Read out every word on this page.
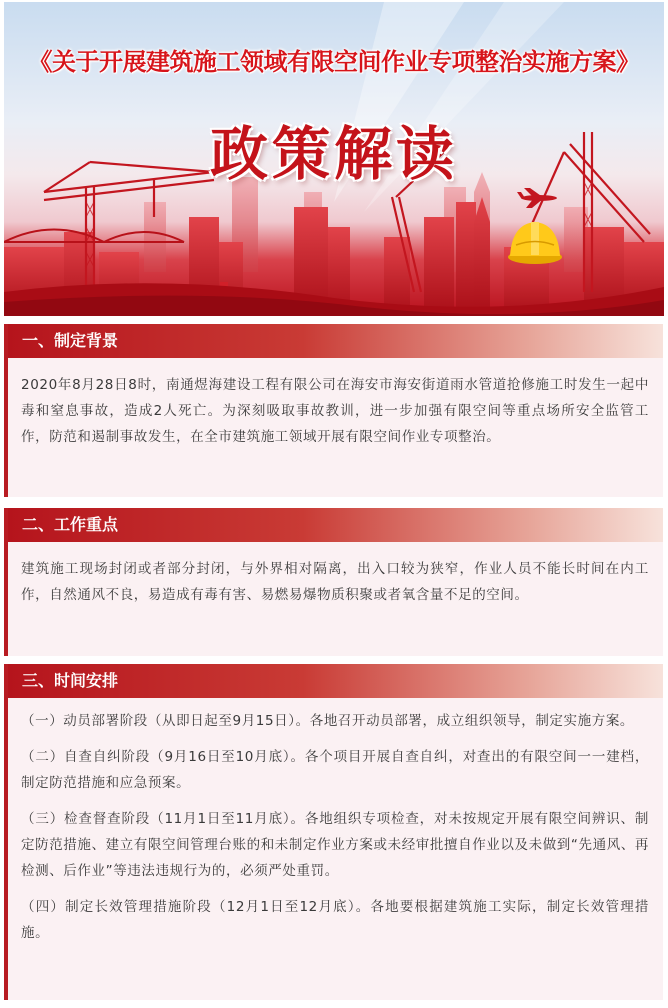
《关于开展建筑施工领域有限空间作业专项整治实施方案》
政策解读
一、制定背景

2020年8月28日8时，南通煜海建设工程有限公司在海安市海安街道雨水管道抢修施工时发生一起中毒和窒息事故，造成2人死亡。为深刻吸取事故教训，进一步加强有限空间等重点场所安全监管工作，防范和遏制事故发生，在全市建筑施工领域开展有限空间作业专项整治。

二、工作重点

建筑施工现场封闭或者部分封闭，与外界相对隔离，出入口较为狭窄，作业人员不能长时间在内工作，自然通风不良，易造成有毒有害、易燃易爆物质积聚或者氧含量不足的空间。

三、时间安排

（一）动员部署阶段（从即日起至9月15日）。各地召开动员部署，成立组织领导，制定实施方案。

（二）自查自纠阶段（9月16日至10月底）。各个项目开展自查自纠，对查出的有限空间一一建档，制定防范措施和应急预案。

（三）检查督查阶段（11月1日至11月底）。各地组织专项检查，对未按规定开展有限空间辨识、制定防范措施、建立有限空间管理台账的和未制定作业方案或未经审批擅自作业以及未做到“先通风、再检测、后作业”等违法违规行为的，必须严处重罚。

（四）制定长效管理措施阶段（12月1日至12月底）。各地要根据建筑施工实际，制定长效管理措施。
